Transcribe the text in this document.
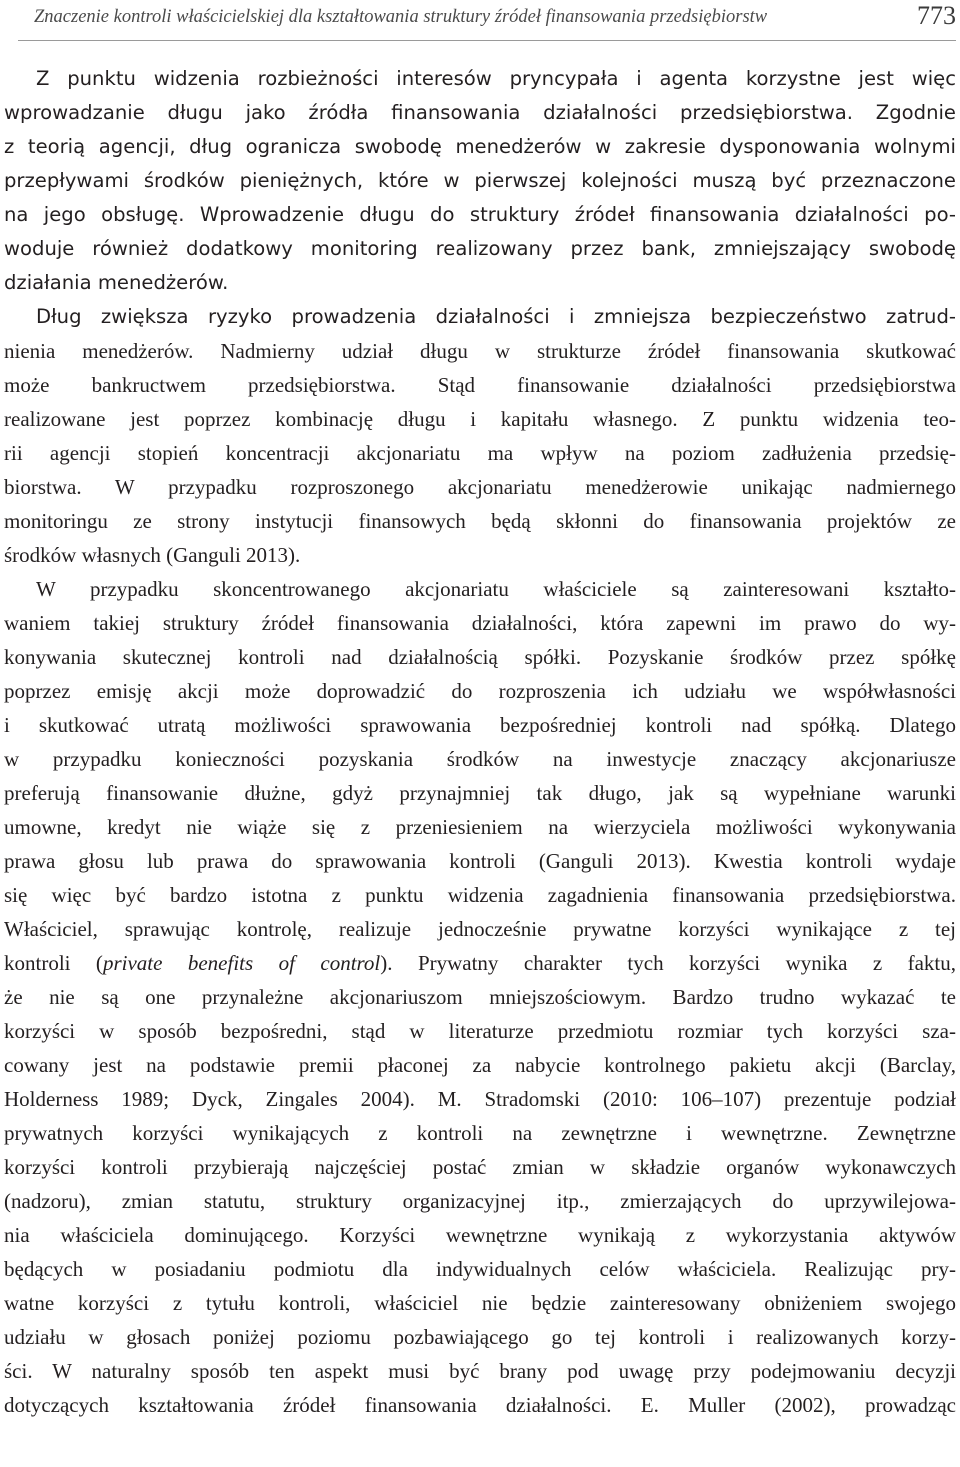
Znaczenie kontroli właścicielskiej dla kształtowania struktury źródeł finansowania przedsiębiorstw	773
Z punktu widzenia rozbieżności interesów pryncypała i agenta korzystne jest więc
wprowadzanie długu jako źródła finansowania działalności przedsiębiorstwa. Zgodnie
z teorią agencji, dług ogranicza swobodę menedżerów w zakresie dysponowania wolnymi
przepływami środków pieniężnych, które w pierwszej kolejności muszą być przeznaczone
na jego obsługę. Wprowadzenie długu do struktury źródeł finansowania działalności po-
woduje również dodatkowy monitoring realizowany przez bank, zmniejszający swobodę
działania menedżerów.
Dług zwiększa ryzyko prowadzenia działalności i zmniejsza bezpieczeństwo zatrud-
nienia menedżerów. Nadmierny udział długu w strukturze źródeł finansowania skutkować
może bankructwem przedsiębiorstwa. Stąd finansowanie działalności przedsiębiorstwa
realizowane jest poprzez kombinację długu i kapitału własnego. Z punktu widzenia teo-
rii agencji stopień koncentracji akcjonariatu ma wpływ na poziom zadłużenia przedsię-
biorstwa. W przypadku rozproszonego akcjonariatu menedżerowie unikając nadmiernego
monitoringu ze strony instytucji finansowych będą skłonni do finansowania projektów ze
środków własnych (Ganguli 2013).
W przypadku skoncentrowanego akcjonariatu właściciele są zainteresowani kształto-
waniem takiej struktury źródeł finansowania działalności, która zapewni im prawo do wy-
konywania skutecznej kontroli nad działalnością spółki. Pozyskanie środków przez spółkę
poprzez emisję akcji może doprowadzić do rozproszenia ich udziału we współwłasności
i skutkować utratą możliwości sprawowania bezpośredniej kontroli nad spółką. Dlatego
w przypadku konieczności pozyskania środków na inwestycje znaczący akcjonariusze
preferują finansowanie dłużne, gdyż przynajmniej tak długo, jak są wypełniane warunki
umowne, kredyt nie wiąże się z przeniesieniem na wierzyciela możliwości wykonywania
prawa głosu lub prawa do sprawowania kontroli (Ganguli 2013). Kwestia kontroli wydaje
się więc być bardzo istotna z punktu widzenia zagadnienia finansowania przedsiębiorstwa.
Właściciel, sprawując kontrolę, realizuje jednocześnie prywatne korzyści wynikające z tej
kontroli (private benefits of control). Prywatny charakter tych korzyści wynika z faktu,
że nie są one przynależne akcjonariuszom mniejszościowym. Bardzo trudno wykazać te
korzyści w sposób bezpośredni, stąd w literaturze przedmiotu rozmiar tych korzyści sza-
cowany jest na podstawie premii płaconej za nabycie kontrolnego pakietu akcji (Barclay,
Holderness 1989; Dyck, Zingales 2004). M. Stradomski (2010: 106–107) prezentuje podział
prywatnych korzyści wynikających z kontroli na zewnętrzne i wewnętrzne. Zewnętrzne
korzyści kontroli przybierają najczęściej postać zmian w składzie organów wykonawczych
(nadzoru), zmian statutu, struktury organizacyjnej itp., zmierzających do uprzywilejowa-
nia właściciela dominującego. Korzyści wewnętrzne wynikają z wykorzystania aktywów
będących w posiadaniu podmiotu dla indywidualnych celów właściciela. Realizując pry-
watne korzyści z tytułu kontroli, właściciel nie będzie zainteresowany obniżeniem swojego
udziału w głosach poniżej poziomu pozbawiającego go tej kontroli i realizowanych korzy-
ści. W naturalny sposób ten aspekt musi być brany pod uwagę przy podejmowaniu decyzji
dotyczących kształtowania źródeł finansowania działalności. E. Muller (2002), prowadząc
